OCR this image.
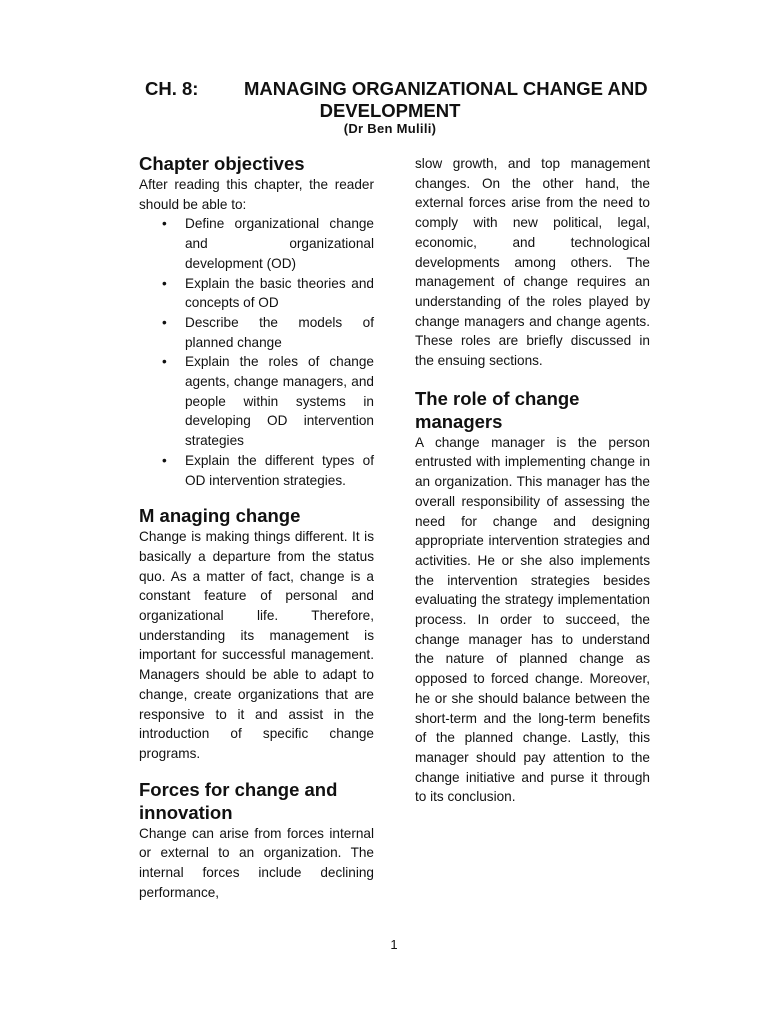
CH. 8: MANAGING ORGANIZATIONAL CHANGE AND
DEVELOPMENT
(Dr Ben Mulili)
Chapter objectives

After reading this chapter, the reader should be able to:

• Define organizational change and organizational development (OD)
• Explain the basic theories and concepts of OD
• Describe the models of planned change
• Explain the roles of change agents, change managers, and people within systems in developing OD intervention strategies
• Explain the different types of OD intervention strategies.
M anaging change

Change is making things different. It is basically a departure from the status quo. As a matter of fact, change is a constant feature of personal and organizational life. Therefore, understanding its management is important for successful management. Managers should be able to adapt to change, create organizations that are responsive to it and assist in the introduction of specific change programs.

Forces for change and innovation

Change can arise from forces internal or external to an organization. The internal forces include declining performance,

slow growth, and top management changes. On the other hand, the external forces arise from the need to comply with new political, legal, economic, and technological developments among others. The management of change requires an understanding of the roles played by change managers and change agents. These roles are briefly discussed in the ensuing sections.

The role of change managers

A change manager is the person entrusted with implementing change in an organization. This manager has the overall responsibility of assessing the need for change and designing appropriate intervention strategies and activities. He or she also implements the intervention strategies besides evaluating the strategy implementation process. In order to succeed, the change manager has to understand the nature of planned change as opposed to forced change. Moreover, he or she should balance between the short-term and the long-term benefits of the planned change. Lastly, this manager should pay attention to the change initiative and purse it through to its conclusion.

1
